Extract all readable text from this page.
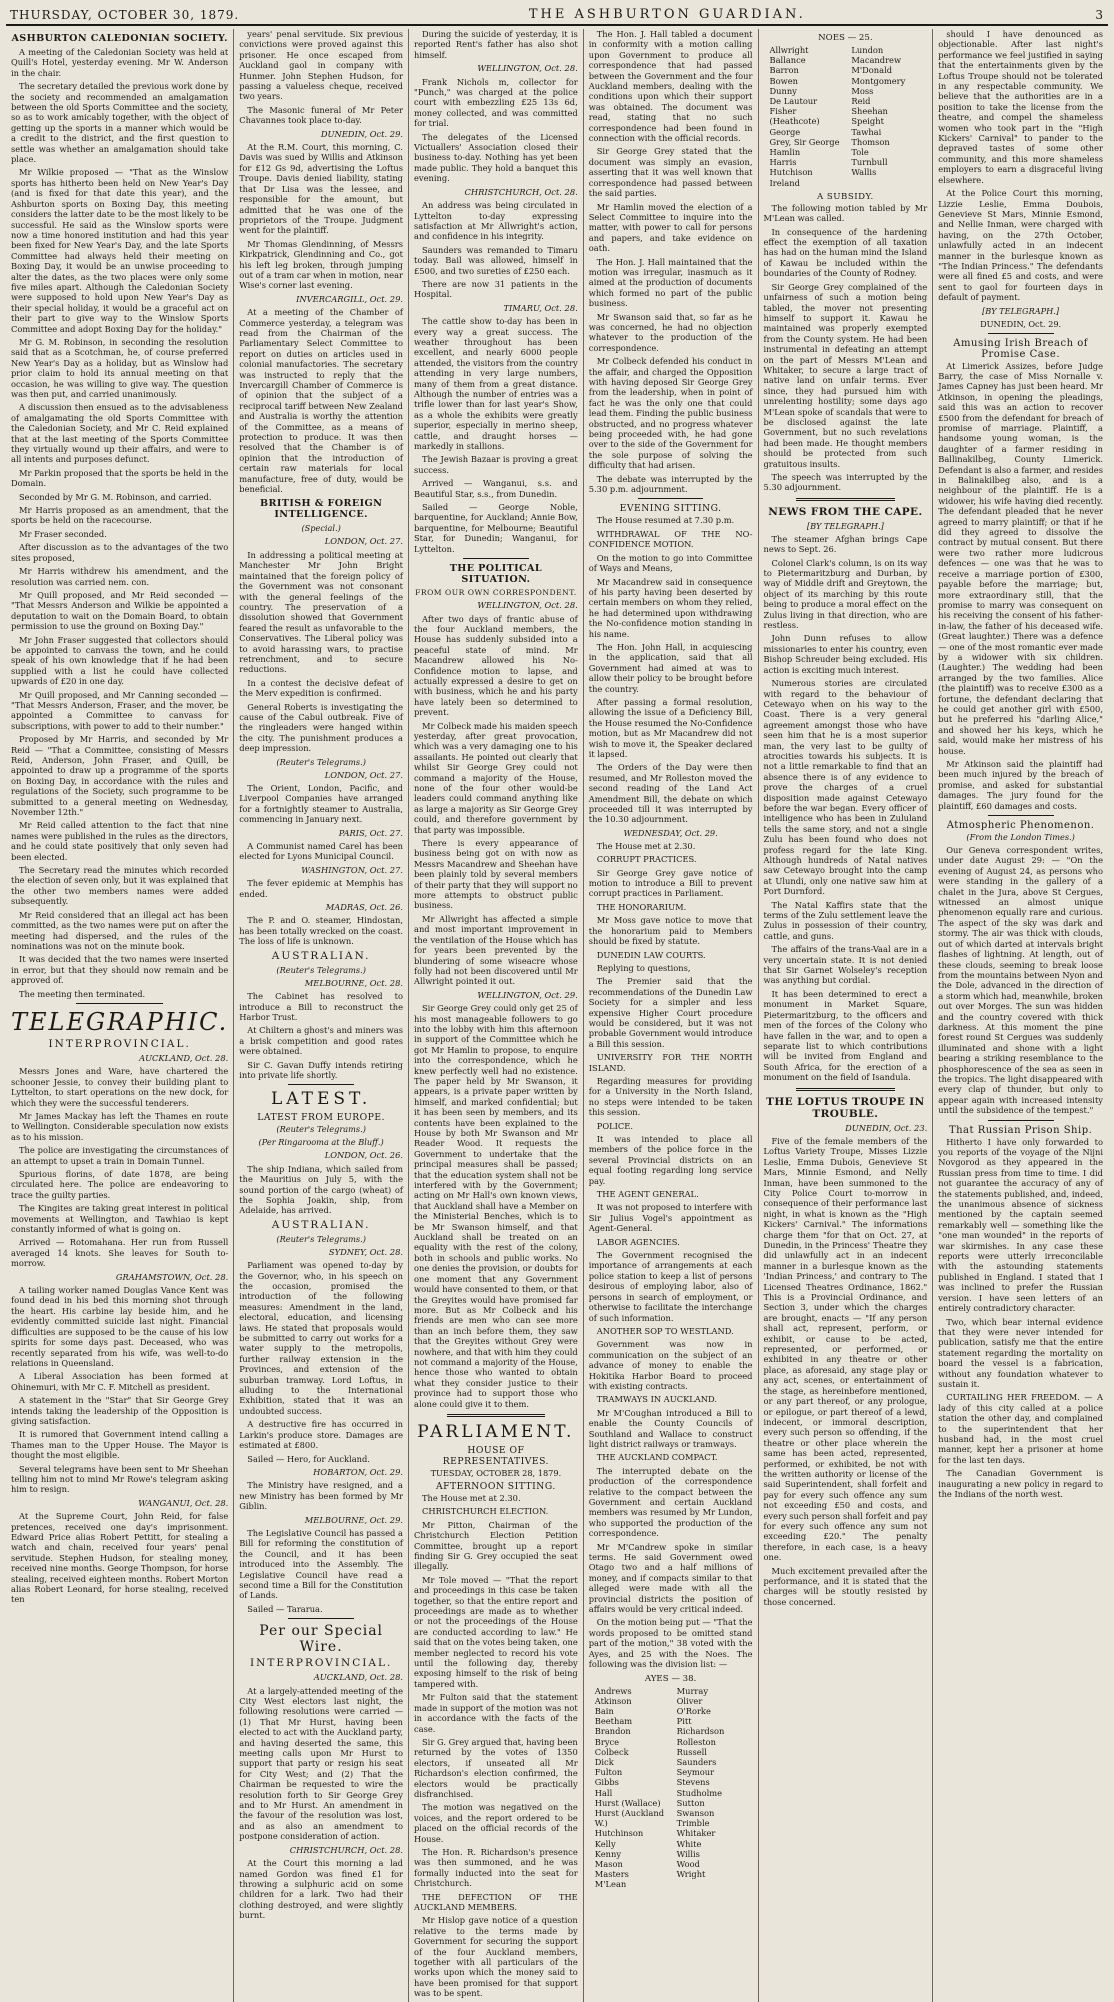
THURSDAY, OCTOBER 30, 1879.	THE ASHBURTON GUARDIAN.	3
ASHBURTON CALEDONIAN SOCIETY.

A meeting of the Caledonian Society was held at Quill's Hotel, yesterday evening. Mr W. Anderson in the chair.

The secretary detailed the previous work done by the society and recommended an amalgamation between the old Sports Committee and the society, so as to work amicably together, with the object of getting up the sports in a manner which would be a credit to the district, and the first question to settle was whether an amalgamation should take place.

Mr Wilkie proposed — "That as the Winslow sports has hitherto been held on New Year's Day (and is fixed for that date this year), and the Ashburton sports on Boxing Day, this meeting considers the latter date to be the most likely to be successful. He said as the Winslow sports were now a time honored institution and had this year been fixed for New Year's Day, and the late Sports Committee had always held their meeting on Boxing Day, it would be an unwise proceeding to alter the dates, as the two places were only some five miles apart. Although the Caledonian Society were supposed to hold upon New Year's Day as their special holiday, it would be a graceful act on their part to give way to the Winslow Sports Committee and adopt Boxing Day for the holiday."

Mr G. M. Robinson, in seconding the resolution said that as a Scotchman, he, of course preferred New Year's Day as a holiday, but as Winslow had prior claim to hold its annual meeting on that occasion, he was willing to give way. The question was then put, and carried unanimously.

A discussion then ensued as to the advisableness of amalgamating the old Sports Committee with the Caledonian Society, and Mr C. Reid explained that at the last meeting of the Sports Committee they virtually wound up their affairs, and were to all intents and purposes defunct.

Mr Parkin proposed that the sports be held in the Domain.

Seconded by Mr G. M. Robinson, and carried.

Mr Harris proposed as an amendment, that the sports be held on the racecourse.

Mr Fraser seconded.

After discussion as to the advantages of the two sites proposed,

Mr Harris withdrew his amendment, and the resolution was carried nem. con.

Mr Quill proposed, and Mr Reid seconded — "That Messrs Anderson and Wilkie be appointed a deputation to wait on the Domain Board, to obtain permission to use the ground on Boxing Day."

Mr John Fraser suggested that collectors should be appointed to canvass the town, and he could speak of his own knowledge that if he had been supplied with a list he could have collected upwards of £20 in one day.

Mr Quill proposed, and Mr Canning seconded — "That Messrs Anderson, Fraser, and the mover, be appointed a Committee to canvass for subscriptions, with power to add to their number."

Proposed by Mr Harris, and seconded by Mr Reid — "That a Committee, consisting of Messrs Reid, Anderson, John Fraser, and Quill, be appointed to draw up a programme of the sports on Boxing Day, in accordance with the rules and regulations of the Society, such programme to be submitted to a general meeting on Wednesday, November 12th."

Mr Reid called attention to the fact that nine names were published in the rules as the directors, and he could state positively that only seven had been elected.

The Secretary read the minutes which recorded the election of seven only, but it was explained that the other two members names were added subsequently.

Mr Reid considered that an illegal act has been committed, as the two names were put on after the meeting had dispersed, and the rules of the nominations was not on the minute book.

It was decided that the two names were inserted in error, but that they should now remain and be approved of.

The meeting then terminated.

TELEGRAPHIC.
INTERPROVINCIAL.

AUCKLAND, Oct. 28.

Messrs Jones and Ware, have chartered the schooner Jessie, to convey their building plant to Lyttelton, to start operations on the new dock, for which they were the successful tenderers.

Mr James Mackay has left the Thames en route to Wellington. Considerable speculation now exists as to his mission.

The police are investigating the circumstances of an attempt to upset a train in Domain Tunnel.

Spurious florins, of date 1878, are being circulated here. The police are endeavoring to trace the guilty parties.

The Kingites are taking great interest in political movements at Wellington, and Tawhiao is kept constantly informed of what is going on.

Arrived — Rotomahana. Her run from Russell averaged 14 knots. She leaves for South to-morrow.

GRAHAMSTOWN, Oct. 28.

A tailing worker named Douglas Vance Kent was found dead in his bed this morning shot through the heart. His carbine lay beside him, and he evidently committed suicide last night. Financial difficulties are supposed to be the cause of his low spirits for some days past. Deceased, who was recently separated from his wife, was well-to-do relations in Queensland.

A Liberal Association has been formed at Ohinemuri, with Mr C. F. Mitchell as president.

A statement in the "Star" that Sir George Grey intends taking the leadership of the Opposition is giving satisfaction.

It is rumored that Government intend calling a Thames man to the Upper House. The Mayor is thought the most eligible.

Several telegrams have been sent to Mr Sheehan telling him not to mind Mr Rowe's telegram asking him to resign.

WANGANUI, Oct. 28.

At the Supreme Court, John Reid, for false pretences, received one day's imprisonment. Edward Price alias Robert Pettitt, for stealing a watch and chain, received four years' penal servitude. Stephen Hudson, for stealing money, received nine months. George Thompson, for horse stealing, received eighteen months. Robert Morton alias Robert Leonard, for horse stealing, received ten

years' penal servitude. Six previous convictions were proved against this prisoner. He once escaped from Auckland gaol in company with Hunmer. John Stephen Hudson, for passing a valueless cheque, received two years.

The Masonic funeral of Mr Peter Chavannes took place to-day.

DUNEDIN, Oct. 29.

At the R.M. Court, this morning, C. Davis was sued by Willis and Atkinson for £12 Gs 9d, advertising the Loftus Troupe. Davis denied liability, stating that Dr Lisa was the lessee, and responsible for the amount, but admitted that he was one of the proprietors of the Troupe. Judgment went for the plaintiff.

Mr Thomas Glendinning, of Messrs Kirkpatrick, Glendinning and Co., got his left leg broken, through jumping out of a tram car when in motion, near Wise's corner last evening.

INVERCARGILL, Oct. 29.

At a meeting of the Chamber of Commerce yesterday, a telegram was read from the Chairman of the Parliamentary Select Committee to report on duties on articles used in colonial manufactories. The secretary was instructed to reply that the Invercargill Chamber of Commerce is of opinion that the subject of a reciprocal tariff between New Zealand and Australia is worthy the attention of the Committee, as a means of protection to produce. It was then resolved that the Chamber is of opinion that the introduction of certain raw materials for local manufacture, free of duty, would be beneficial.

BRITISH & FOREIGN INTELLIGENCE.
(Special.)

LONDON, Oct. 27.

In addressing a political meeting at Manchester Mr John Bright maintained that the foreign policy of the Government was not consonant with the general feelings of the country. The preservation of a dissolution showed that Government feared the result as unfavorable to the Conservatives. The Liberal policy was to avoid harassing wars, to practise retrenchment, and to secure reductions.

In a contest the decisive defeat of the Merv expedition is confirmed.

General Roberts is investigating the cause of the Cabul outbreak. Five of the ringleaders were hanged within the city. The punishment produces a deep impression.

(Reuter's Telegrams.)

LONDON, Oct. 27.

The Orient, London, Pacific, and Liverpool Companies have arranged for a fortnightly steamer to Australia, commencing in January next.

PARIS, Oct. 27.

A Communist named Carel has been elected for Lyons Municipal Council.

WASHINGTON, Oct. 27.

The fever epidemic at Memphis has ended.

MADRAS, Oct. 26.

The P. and O. steamer, Hindostan, has been totally wrecked on the coast. The loss of life is unknown.

AUSTRALIAN.
(Reuter's Telegrams.)

MELBOURNE, Oct. 28.

The Cabinet has resolved to introduce a Bill to reconstruct the Harbor Trust.

At Chiltern a ghost's and miners was a brisk competition and good rates were obtained.

Sir C. Gavan Duffy intends retiring into private life shortly.

LATEST.
LATEST FROM EUROPE.
(Reuter's Telegrams.)
(Per Ringarooma at the Bluff.)

LONDON, Oct. 26.

The ship Indiana, which sailed from the Mauritius on July 5, with the sound portion of the cargo (wheat) of the Sophia Joakin, ship, from Adelaide, has arrived.

AUSTRALIAN.
(Reuter's Telegrams.)

SYDNEY, Oct. 28.

Parliament was opened to-day by the Governor, who, in his speech on the occasion, promised the introduction of the following measures: Amendment in the land, electoral, education, and licensing laws. He stated that proposals would be submitted to carry out works for a water supply to the metropolis, further railway extension in the Provinces, and extension of the suburban tramway. Lord Loftus, in alluding to the International Exhibition, stated that it was an undoubted success.

A destructive fire has occurred in Larkin's produce store. Damages are estimated at £800.

Sailed — Hero, for Auckland.

HOBARTON, Oct. 29.

The Ministry have resigned, and a new Ministry has been formed by Mr Giblin.

MELBOURNE, Oct. 29.

The Legislative Council has passed a Bill for reforming the constitution of the Council, and it has been introduced into the Assembly. The Legislative Council have read a second time a Bill for the Constitution of Lands.

Sailed — Tararua.

Per our Special Wire.
INTERPROVINCIAL.

AUCKLAND, Oct. 28.

At a largely-attended meeting of the City West electors last night, the following resolutions were carried — (1) That Mr Hurst, having been elected to act with the Auckland party, and having deserted the same, this meeting calls upon Mr Hurst to support that party or resign his seat for City West; and (2) That the Chairman be requested to wire the resolution forth to Sir George Grey and to Mr Hurst. An amendment in the favour of the resolution was lost, and as also an amendment to postpone consideration of action.

CHRISTCHURCH, Oct. 28.

At the Court this morning a lad named Gordon was fined £1 for throwing a sulphuric acid on some children for a lark. Two had their clothing destroyed, and were slightly burnt.

During the suicide of yesterday, it is reported Rent's father has also shot himself.

WELLINGTON, Oct. 28.

Frank Nichols m, collector for "Punch," was charged at the police court with embezzling £25 13s 6d, money collected, and was committed for trial.

The delegates of the Licensed Victuallers' Association closed their business to-day. Nothing has yet been made public. They hold a banquet this evening.

CHRISTCHURCH, Oct. 28.

An address was being circulated in Lyttelton to-day expressing satisfaction at Mr Allwright's action, and confidence in his integrity.

Saunders was remanded to Timaru today. Bail was allowed, himself in £500, and two sureties of £250 each.

There are now 31 patients in the Hospital.

TIMARU, Oct. 28.

The cattle show to-day has been in every way a great success. The weather throughout has been excellent, and nearly 6000 people attended, the visitors from the country attending in very large numbers, many of them from a great distance. Although the number of entries was a trifle lower than for last year's Show, as a whole the exhibits were greatly superior, especially in merino sheep, cattle, and draught horses — markedly in stallions.

The Jewish Bazaar is proving a great success.

Arrived — Wanganui, s.s. and Beautiful Star, s.s., from Dunedin.

Sailed — George Noble, barquentine, for Auckland; Annie Bow, barquentine, for Melbourne; Beautiful Star, for Dunedin; Wanganui, for Lyttelton.

THE POLITICAL SITUATION.
FROM OUR OWN CORRESPONDENT.

WELLINGTON, Oct. 28.

After two days of frantic abuse of the four Auckland members, the House has suddenly subsided into a peaceful state of mind. Mr Macandrew allowed his No-Confidence motion to lapse, and actually expressed a desire to get on with business, which he and his party have lately been so determined to prevent.

Mr Colbeck made his maiden speech yesterday, after great provocation, which was a very damaging one to his assailants. He pointed out clearly that whilst Sir George Grey could not command a majority of the House, none of the four other would-be leaders could command anything like as large a majority as Sir George Grey could, and therefore government by that party was impossible.

There is every appearance of business being got on with now as Messrs Macandrew and Sheehan have been plainly told by several members of their party that they will support no more attempts to obstruct public business.

Mr Allwright has affected a simple and most important improvement in the ventilation of the House which has for years been prevented by the blundering of some wiseacre whose folly had not been discovered until Mr Allwright pointed it out.

WELLINGTON, Oct. 29.

Sir George Grey could only get 25 of his most manageable followers to go into the lobby with him this afternoon in support of the Committee which he got Mr Hamlin to propose, to enquire into the correspondence, which he knew perfectly well had no existence. The paper held by Mr Swanson, it appears, is a private paper written by himself, and marked confidential; but it has been seen by members, and its contents have been explained to the House by both Mr Swanson and Mr Reader Wood. It requests the Government to undertake that the principal measures shall be passed; that the education system shall not be interfered with by the Government; acting on Mr Hall's own known views, that Auckland shall have a Member on the Ministerial Benches, which is to be Mr Swanson himself, and that Auckland shall be treated on an equality with the rest of the colony, both in schools and public works. No one denies the provision, or doubts for one moment that any Government would have consented to them, or that the Greyites would have promised far more. But as Mr Colbeck and his friends are men who can see more than an inch before them, they saw that the Greyites without Grey were nowhere, and that with him they could not command a majority of the House, hence those who wanted to obtain what they consider justice to their province had to support those who alone could give it to them.

PARLIAMENT.
HOUSE OF REPRESENTATIVES.
TUESDAY, OCTOBER 28, 1879.
AFTERNOON SITTING.

The House met at 2.30.

CHRISTCHURCH ELECTION.

Mr Pitton, Chairman of the Christchurch Election Petition Committee, brought up a report finding Sir G. Grey occupied the seat illegally.

Mr Tole moved — "That the report and proceedings in this case be taken together, so that the entire report and proceedings are made as to whether or not the proceedings of the House are conducted according to law." He said that on the votes being taken, one member neglected to record his vote until the following day, thereby exposing himself to the risk of being tampered with.

Mr Fulton said that the statement made in support of the motion was not in accordance with the facts of the case.

Sir G. Grey argued that, having been returned by the votes of 1350 electors, if unseated all Mr Richardson's election confirmed, the electors would be practically disfranchised.

The motion was negatived on the voices, and the report ordered to be placed on the official records of the House.

The Hon. R. Richardson's presence was then summoned, and he was formally inducted into the seat for Christchurch.

THE DEFECTION OF THE AUCKLAND MEMBERS.

Mr Hislop gave notice of a question relative to the terms made by Government for securing the support of the four Auckland members, together with all particulars of the works upon which the money said to have been promised for that support was to be spent.

The Hon. J. Hall tabled a document in conformity with a motion calling upon Government to produce all correspondence that had passed between the Government and the four Auckland members, dealing with the conditions upon which their support was obtained. The document was read, stating that no such correspondence had been found in connection with the official records.

Sir George Grey stated that the document was simply an evasion, asserting that it was well known that correspondence had passed between the said parties.

Mr Hamlin moved the election of a Select Committee to inquire into the matter, with power to call for persons and papers, and take evidence on oath.

The Hon. J. Hall maintained that the motion was irregular, inasmuch as it aimed at the production of documents which formed no part of the public business.

Mr Swanson said that, so far as he was concerned, he had no objection whatever to the production of the correspondence.

Mr Colbeck defended his conduct in the affair, and charged the Opposition with having deposed Sir George Grey from the leadership, when in point of fact he was the only one that could lead them. Finding the public business obstructed, and no progress whatever being proceeded with, he had gone over to the side of the Government for the sole purpose of solving the difficulty that had arisen.

The debate was interrupted by the 5.30 p.m. adjournment.

EVENING SITTING.

The House resumed at 7.30 p.m.

WITHDRAWAL OF THE NO-CONFIDENCE MOTION.

On the motion to go into Committee of Ways and Means,

Mr Macandrew said in consequence of his party having been deserted by certain members on whom they relied, he had determined upon withdrawing the No-confidence motion standing in his name.

The Hon. John Hall, in acquiescing in the application, said that all Government had aimed at was to allow their policy to be brought before the country.

After passing a formal resolution, allowing the issue of a Deficiency Bill, the House resumed the No-Confidence motion, but as Mr Macandrew did not wish to move it, the Speaker declared it lapsed.

The Orders of the Day were then resumed, and Mr Rolleston moved the second reading of the Land Act Amendment Bill, the debate on which proceeded till it was interrupted by the 10.30 adjournment.

WEDNESDAY, Oct. 29.

The House met at 2.30.

CORRUPT PRACTICES.

Sir George Grey gave notice of motion to introduce a Bill to prevent corrupt practices in Parliament.

THE HONORARIUM.

Mr Moss gave notice to move that the honorarium paid to Members should be fixed by statute.

DUNEDIN LAW COURTS.

Replying to questions,

The Premier said that the recommendations of the Dunedin Law Society for a simpler and less expensive Higher Court procedure would be considered, but it was not probable Government would introduce a Bill this session.

UNIVERSITY FOR THE NORTH ISLAND.

Regarding measures for providing for a University in the North Island, no steps were intended to be taken this session.

POLICE.

It was intended to place all members of the police force in the several Provincial districts on an equal footing regarding long service pay.

THE AGENT GENERAL.

It was not proposed to interfere with Sir Julius Vogel's appointment as Agent-General.

LABOR AGENCIES.

The Government recognised the importance of arrangements at each police station to keep a list of persons desirous of employing labor, also of persons in search of employment, or otherwise to facilitate the interchange of such information.

ANOTHER SOP TO WESTLAND.

Government was now in communication on the subject of an advance of money to enable the Hokitika Harbor Board to proceed with existing contracts.

TRAMWAYS IN AUCKLAND.

Mr M'Coughan introduced a Bill to enable the County Councils of Southland and Wallace to construct light district railways or tramways.

THE AUCKLAND COMPACT.

The interrupted debate on the production of the correspondence relative to the compact between the Government and certain Auckland members was resumed by Mr Lundon, who supported the production of the correspondence.

Mr M'Candrew spoke in similar terms. He said Government owed Otago two and a half millions of money, and if compacts similar to that alleged were made with all the provincial districts the position of affairs would be very critical indeed.

On the motion being put — "That the words proposed to be omitted stand part of the motion," 38 voted with the Ayes, and 25 with the Noes. The following was the division list: —

AYES — 38.
Andrews
Atkinson
Bain
Beetham
Brandon
Bryce
Colbeck
Dick
Fulton
Gibbs
Hall
Hurst (Wallace)
Hurst (Auckland W.)
Hutchinson
Kelly
Kenny
Mason
Masters
M'Lean
Murray
Oliver
O'Rorke
Pitt
Richardson
Rolleston
Russell
Saunders
Seymour
Stevens
Studholme
Sutton
Swanson
Trimble
Whitaker
White
Willis
Wood
Wright
NOES — 25.
Allwright
Ballance
Barron
Bowen
Dunny
De Lautour
Fisher (Heathcote)
George
Grey, Sir George
Hamlin
Harris
Hutchison
Ireland
Lundon
Macandrew
M'Donald
Montgomery
Moss
Reid
Sheehan
Speight
Tawhai
Thomson
Tole
Turnbull
Wallis
A SUBSIDY.

The following motion tabled by Mr M'Lean was called.

In consequence of the hardening effect the exemption of all taxation has had on the human mind the Island of Kawau be included within the boundaries of the County of Rodney.

Sir George Grey complained of the unfairness of such a motion being tabled, the mover not presenting himself to support it. Kawau he maintained was properly exempted from the County system. He had been instrumental in defeating an attempt on the part of Messrs M'Lean and Whitaker, to secure a large tract of native land on unfair terms. Ever since, they had pursued him with unrelenting hostility; some days ago M'Lean spoke of scandals that were to be disclosed against the late Government, but no such revelations had been made. He thought members should be protected from such gratuitous insults.

The speech was interrupted by the 5.30 adjournment.

NEWS FROM THE CAPE.
[BY TELEGRAPH.]

The steamer Afghan brings Cape news to Sept. 26.

Colonel Clark's column, is on its way to Pietermaritzburg and Durban, by way of Middle drift and Greytown, the object of its marching by this route being to produce a moral effect on the Zulus living in that direction, who are restless.

John Dunn refuses to allow missionaries to enter his country, even Bishop Schreuder being excluded. His action is exciting much interest.

Numerous stories are circulated with regard to the behaviour of Cetewayo when on his way to the Coast. There is a very general agreement amongst those who have seen him that he is a most superior man, the very last to be guilty of atrocities towards his subjects. It is not a little remarkable to find that an absence there is of any evidence to prove the charges of a cruel disposition made against Cetewayo before the war began. Every officer of intelligence who has been in Zululand tells the same story, and not a single Zulu has been found who does not profess regard for the late King. Although hundreds of Natal natives saw Cetewayo brought into the camp at Ulundi, only one native saw him at Port Durnford.

The Natal Kaffirs state that the terms of the Zulu settlement leave the Zulus in possession of their country, cattle, and guns.

The affairs of the trans-Vaal are in a very uncertain state. It is not denied that Sir Garnet Wolseley's reception was anything but cordial.

It has been determined to erect a monument in Market Square, Pietermaritzburg, to the officers and men of the forces of the Colony who have fallen in the war, and to open a separate list to which contributions will be invited from England and South Africa, for the erection of a monument on the field of Isandula.

THE LOFTUS TROUPE IN TROUBLE.

DUNEDIN, Oct. 23.

Five of the female members of the Loftus Variety Troupe, Misses Lizzie Leslie, Emma Dubois, Genevieve St Mars, Minnie Esmond, and Nelly Inman, have been summoned to the City Police Court to-morrow in consequence of their performance last night, in what is known as the "High Kickers' Carnival." The informations charge them "for that on Oct. 27, at Dunedin, in the Princess' Theatre they did unlawfully act in an indecent manner in a burlesque known as the 'Indian Princess,' and contrary to The Licensed Theatres Ordinance, 1862." This is a Provincial Ordinance, and Section 3, under which the charges are brought, enacts — "If any person shall act, represent, perform, or exhibit, or cause to be acted, represented, or performed, or exhibited in any theatre or other place, as aforesaid, any stage play or any act, scenes, or entertainment of the stage, as hereinbefore mentioned, or any part thereof, or any prologue, or epilogue, or part thereof of a lewd, indecent, or immoral description, every such person so offending, if the theatre or other place wherein the same has been acted, represented, performed, or exhibited, be not with the written authority or license of the said Superintendent, shall forfeit and pay for every such offence any sum not exceeding £50 and costs, and every such person shall forfeit and pay for every such offence any sum not exceeding £20." The penalty therefore, in each case, is a heavy one.

Much excitement prevailed after the performance, and it is stated that the charges will be stoutly resisted by those concerned.

should I have denounced as objectionable. After last night's performance we feel justified in saying that the entertainments given by the Loftus Troupe should not be tolerated in any respectable community. We believe that the authorities are in a position to take the license from the theatre, and compel the shameless women who took part in the "High Kickers' Carnival" to pander to the depraved tastes of some other community, and this more shameless employers to earn a disgraceful living elsewhere.

At the Police Court this morning, Lizzie Leslie, Emma Doubois, Genevieve St Mars, Minnie Esmond, and Nellie Inman, were charged with having, on the 27th October, unlawfully acted in an indecent manner in the burlesque known as "The Indian Princess." The defendants were all fined £5 and costs, and were sent to gaol for fourteen days in default of payment.

[BY TELEGRAPH.]
DUNEDIN, Oct. 29.
Amusing Irish Breach of Promise Case.

At Limerick Assizes, before Judge Barry, the case of Miss Nornalle v. James Capney has just been heard. Mr Atkinson, in opening the pleadings, said this was an action to recover £500 from the defendant for breach of promise of marriage. Plaintiff, a handsome young woman, is the daughter of a farmer residing in Ballinakilbeg, County Limerick. Defendant is also a farmer, and resides in Balinakilbeg also, and is a neighbour of the plaintiff. He is a widower, his wife having died recently. The defendant pleaded that he never agreed to marry plaintiff; or that if he did they agreed to dissolve the contract by mutual consent. But there were two rather more ludicrous defences — one was that he was to receive a marriage portion of £300, payable before the marriage; but, more extraordinary still, that the promise to marry was consequent on his receiving the consent of his father-in-law, the father of his deceased wife. (Great laughter.) There was a defence — one of the most romantic ever made by a widower with six children. (Laughter.) The wedding had been arranged by the two families. Alice (the plaintiff) was to receive £300 as a fortune, the defendant declaring that he could get another girl with £500, but he preferred his "darling Alice," and showed her his keys, which he said, would make her mistress of his house.

Mr Atkinson said the plaintiff had been much injured by the breach of promise, and asked for substantial damages. The jury found for the plaintiff, £60 damages and costs.

Atmospheric Phenomenon.
(From the London Times.)

Our Geneva correspondent writes, under date August 29: — "On the evening of August 24, as persons who were standing in the gallery of a chalet in the Jura, above St Cergues, witnessed an almost unique phenomenon equally rare and curious. The aspect of the sky was dark and stormy. The air was thick with clouds, out of which darted at intervals bright flashes of lightning. At length, out of these clouds, seeming to break loose from the mountains between Nyon and the Dole, advanced in the direction of a storm which had, meanwhile, broken out over Morges. The sun was hidden and the country covered with thick darkness. At this moment the pine forest round St Cergues was suddenly illuminated and shone with a light bearing a striking resemblance to the phosphorescence of the sea as seen in the tropics. The light disappeared with every clap of thunder, but only to appear again with increased intensity until the subsidence of the tempest."

That Russian Prison Ship.

Hitherto I have only forwarded to you reports of the voyage of the Nijni Novgorod as they appeared in the Russian press from time to time. I did not guarantee the accuracy of any of the statements published, and, indeed, the unanimous absence of sickness mentioned by the captain seemed remarkably well — something like the "one man wounded" in the reports of war skirmishes. In any case these reports were utterly irreconcilable with the astounding statements published in England. I stated that I was inclined to prefer the Russian version. I have seen letters of an entirely contradictory character.

Two, which bear internal evidence that they were never intended for publication, satisfy me that the entire statement regarding the mortality on board the vessel is a fabrication, without any foundation whatever to sustain it.

CURTAILING HER FREEDOM. — A lady of this city called at a police station the other day, and complained to the superintendent that her husband had, in the most cruel manner, kept her a prisoner at home for the last ten days.

The Canadian Government is inaugurating a new policy in regard to the Indians of the north west.
